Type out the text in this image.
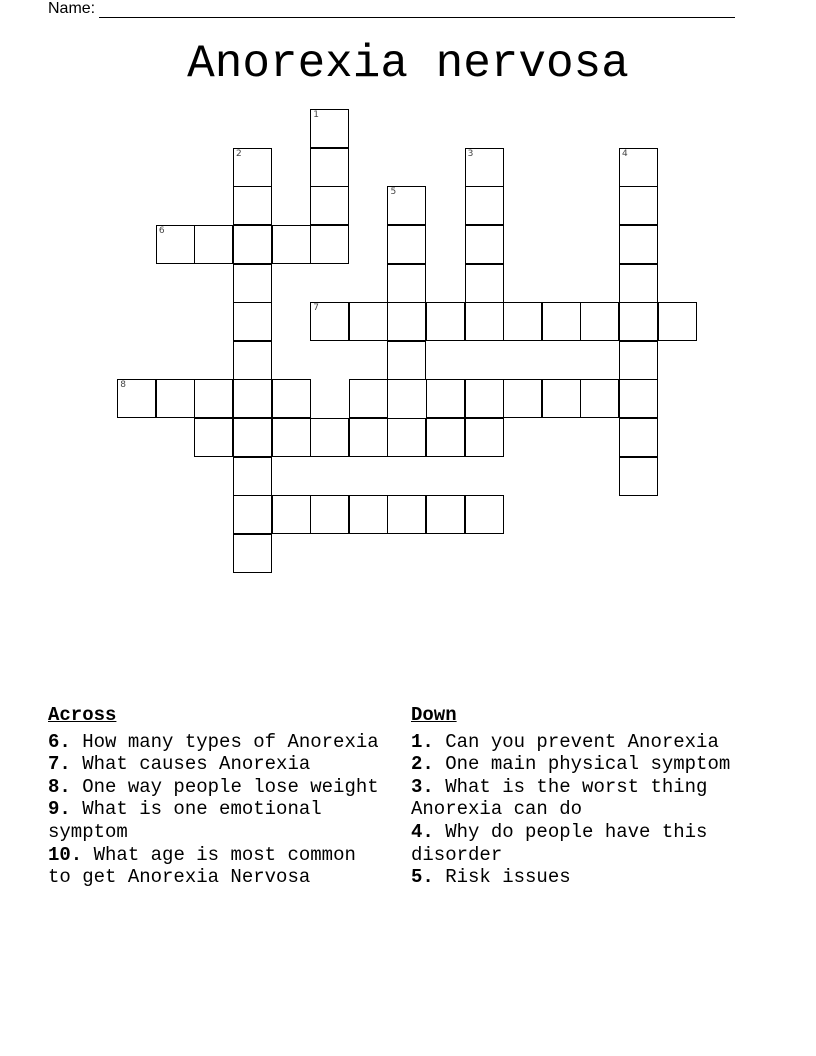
Name:
Anorexia nervosa
1
2	3	4
5
6
7
8
Across
6. How many types of Anorexia
7. What causes Anorexia
8. One way people lose weight
9. What is one emotional symptom
10. What age is most common to get Anorexia Nervosa
Down
1. Can you prevent Anorexia
2. One main physical symptom
3. What is the worst thing Anorexia can do
4. Why do people have this disorder
5. Risk issues
